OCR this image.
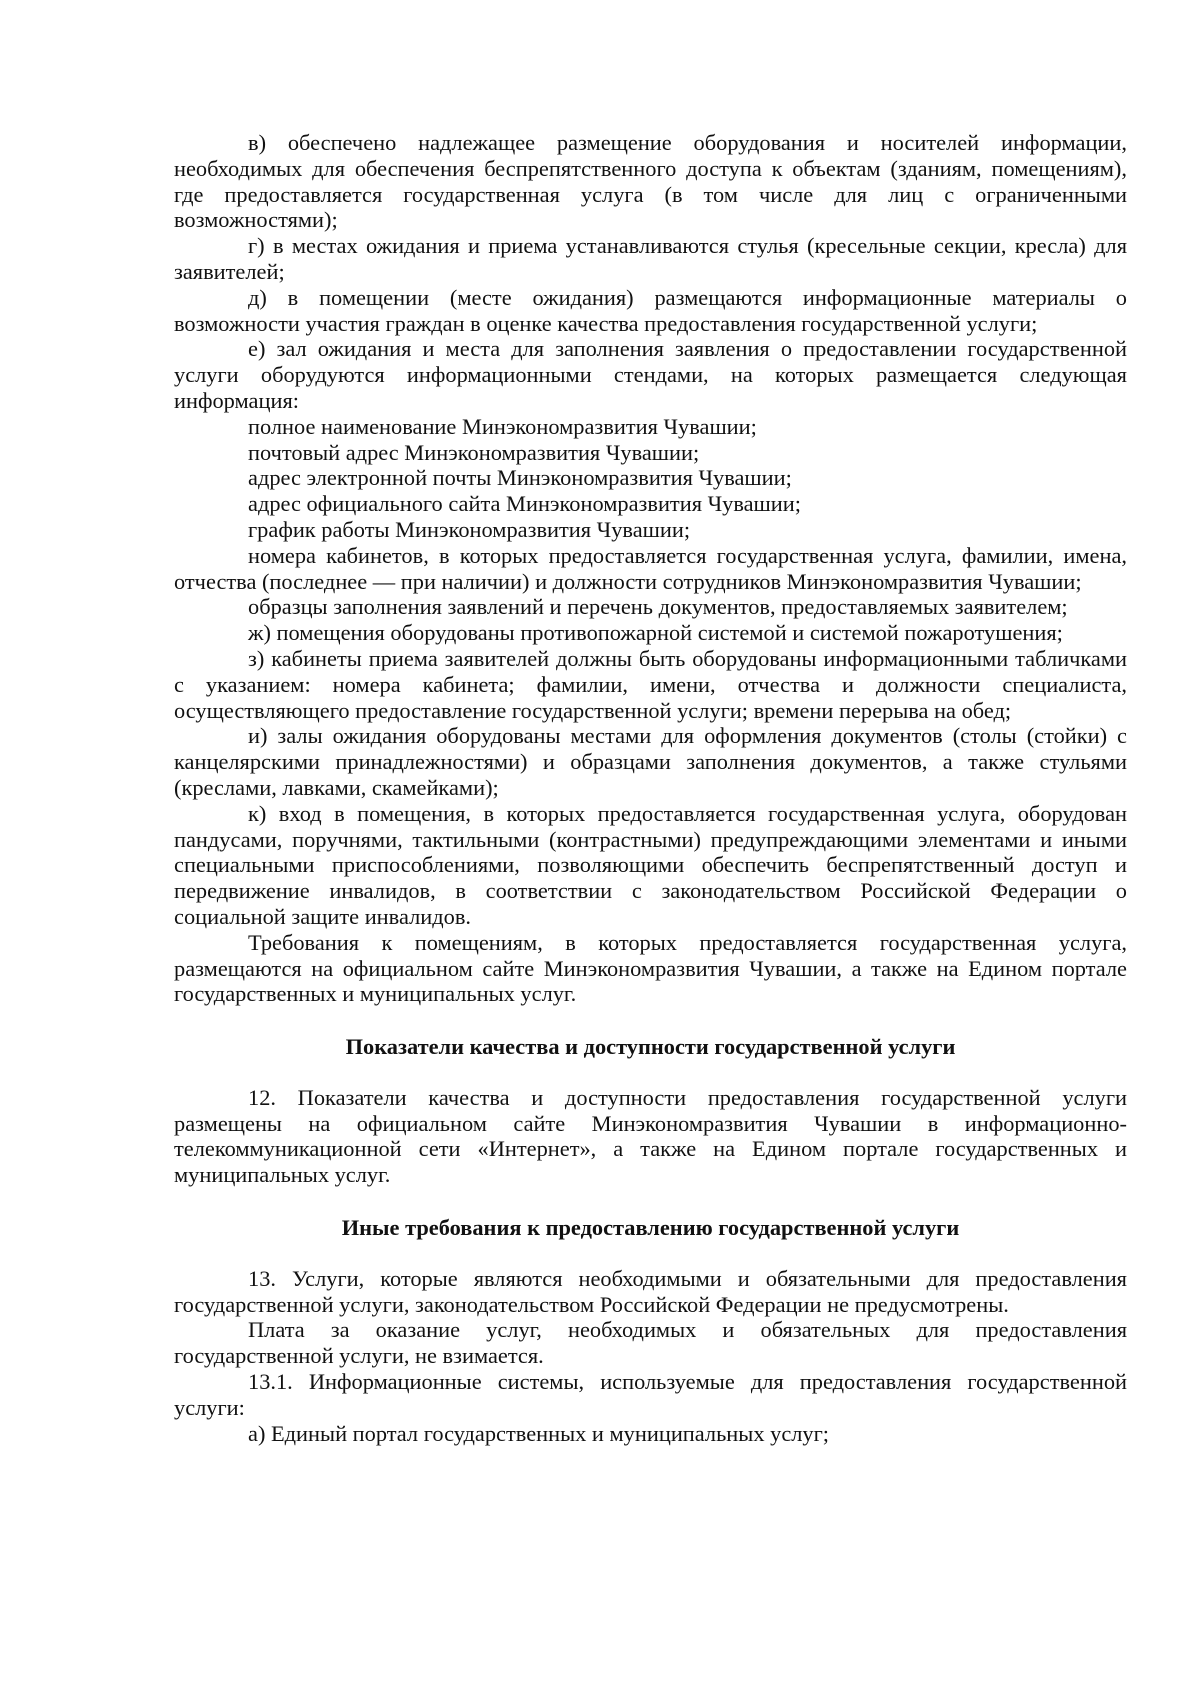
в) обеспечено надлежащее размещение оборудования и носителей информации, необходимых для обеспечения беспрепятственного доступа к объектам (зданиям, помещениям), где предоставляется государственная услуга (в том числе для лиц с ограниченными возможностями);

г) в местах ожидания и приема устанавливаются стулья (кресельные секции, кресла) для заявителей;

д) в помещении (месте ожидания) размещаются информационные материалы о возможности участия граждан в оценке качества предоставления государственной услуги;

е) зал ожидания и места для заполнения заявления о предоставлении государственной услуги оборудуются информационными стендами, на которых размещается следующая информация:

полное наименование Минэкономразвития Чувашии;

почтовый адрес Минэкономразвития Чувашии;

адрес электронной почты Минэкономразвития Чувашии;

адрес официального сайта Минэкономразвития Чувашии;

график работы Минэкономразвития Чувашии;

номера кабинетов, в которых предоставляется государственная услуга, фамилии, имена, отчества (последнее — при наличии) и должности сотрудников Минэкономразвития Чувашии;

образцы заполнения заявлений и перечень документов, предоставляемых заявителем;

ж) помещения оборудованы противопожарной системой и системой пожаротушения;

з) кабинеты приема заявителей должны быть оборудованы информационными табличками с указанием: номера кабинета; фамилии, имени, отчества и должности специалиста, осуществляющего предоставление государственной услуги; времени перерыва на обед;

и) залы ожидания оборудованы местами для оформления документов (столы (стойки) с канцелярскими принадлежностями) и образцами заполнения документов, а также стульями (креслами, лавками, скамейками);

к) вход в помещения, в которых предоставляется государственная услуга, оборудован пандусами, поручнями, тактильными (контрастными) предупреждающими элементами и иными специальными приспособлениями, позволяющими обеспечить беспрепятственный доступ и передвижение инвалидов, в соответствии с законодательством Российской Федерации о социальной защите инвалидов.

Требования к помещениям, в которых предоставляется государственная услуга, размещаются на официальном сайте Минэкономразвития Чувашии, а также на Едином портале государственных и муниципальных услуг.

Показатели качества и доступности государственной услуги

12. Показатели качества и доступности предоставления государственной услуги размещены на официальном сайте Минэкономразвития Чувашии в информационно-телекоммуникационной сети «Интернет», а также на Едином портале государственных и муниципальных услуг.

Иные требования к предоставлению государственной услуги

13. Услуги, которые являются необходимыми и обязательными для предоставления государственной услуги, законодательством Российской Федерации не предусмотрены.

Плата за оказание услуг, необходимых и обязательных для предоставления государственной услуги, не взимается.

13.1. Информационные системы, используемые для предоставления государственной услуги:

а) Единый портал государственных и муниципальных услуг;
